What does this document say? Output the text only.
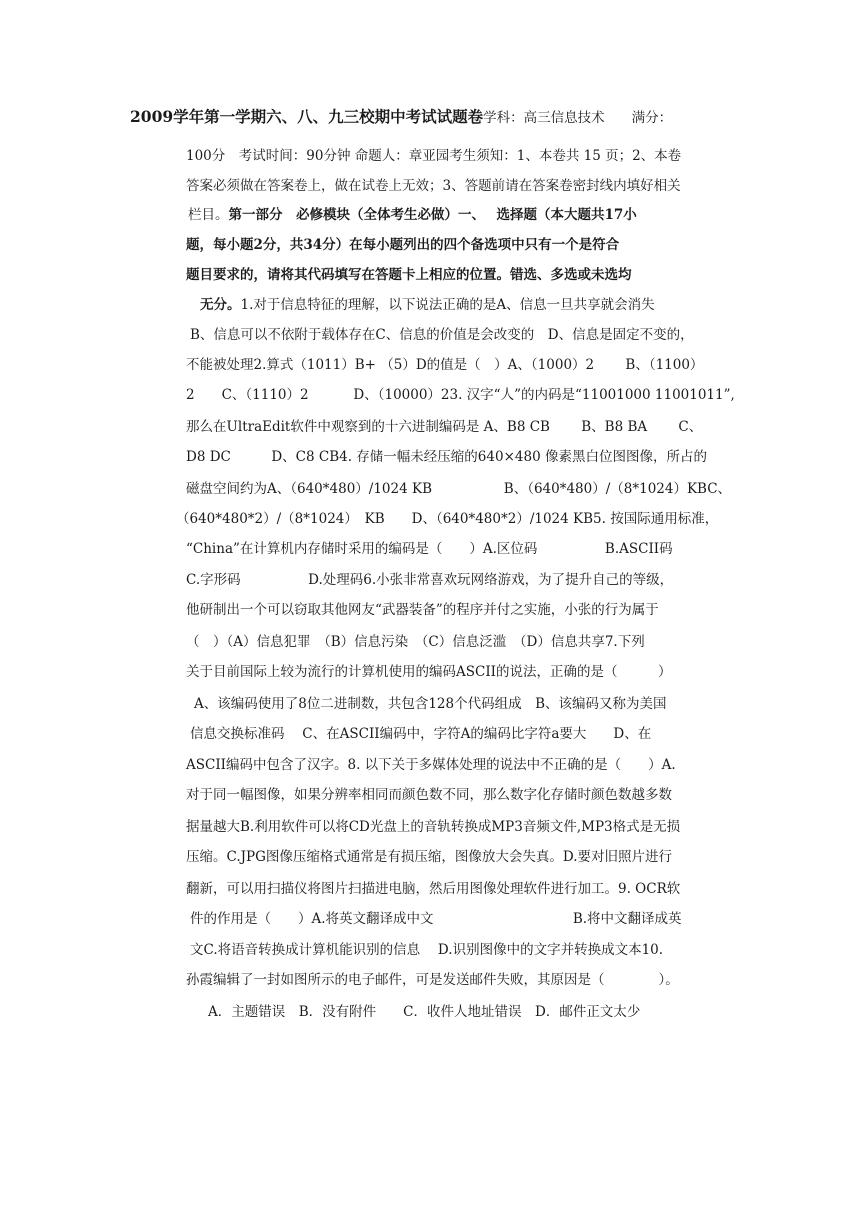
2009学年第一学期六、八、九三校期中考试试题卷学科：高三信息技术　　满分：
100分　考试时间：90分钟 命题人：章亚园考生须知：1、本卷共 15 页；2、本卷
答案必须做在答案卷上，做在试卷上无效；3、答题前请在答案卷密封线内填好相关
栏目。第一部分　必修模块（全体考生必做）一、　 选择题（本大题共17小
题，每小题2分，共34分）在每小题列出的四个备选项中只有一个是符合
题目要求的，请将其代码填写在答题卡上相应的位置。错选、多选或未选均
无分。1.对于信息特征的理解，以下说法正确的是A、信息一旦共享就会消失
B、信息可以不依附于载体存在C、信息的价值是会改变的　D、信息是固定不变的，
不能被处理2.算式（1011）B+ （5）D的值是（　）A、（1000）2　　 B、（1100）
2　　C、（1110）2　　　 D、（10000）23. 汉字“人”的内码是“11001000 11001011”,
那么在UltraEdit软件中观察到的十六进制编码是 A、B8 CB　　 B、B8 BA　　 C、
D8 DC　　　D、C8 CB4. 存储一幅未经压缩的640×480 像素黑白位图图像，所占的
磁盘空间约为A、（640*480）/1024 KB　　　　　 B、（640*480）/（8*1024）KBC、
（640*480*2）/（8*1024）　KB　　D、（640*480*2）/1024 KB5. 按国际通用标准，
“China”在计算机内存储时采用的编码是（　　）A.区位码　　　　　B.ASCII码
C.字形码　　　　　D.处理码6.小张非常喜欢玩网络游戏，为了提升自己的等级，
他研制出一个可以窃取其他网友“武器装备”的程序并付之实施，小张的行为属于
（　）（A）信息犯罪　（B）信息污染　（C）信息泛滥　（D）信息共享7.下列
关于目前国际上较为流行的计算机使用的编码ASCII的说法，正确的是（　　　）
A、该编码使用了8位二进制数，共包含128个代码组成　B、该编码又称为美国
信息交换标准码　 C、在ASCII编码中，字符A的编码比字符a要大　　D、在
ASCII编码中包含了汉字。8. 以下关于多媒体处理的说法中不正确的是（　　）A.
对于同一幅图像，如果分辨率相同而颜色数不同，那么数字化存储时颜色数越多数
据量越大B.利用软件可以将CD光盘上的音轨转换成MP3音频文件,MP3格式是无损
压缩。C.JPG图像压缩格式通常是有损压缩，图像放大会失真。D.要对旧照片进行
翻新，可以用扫描仪将图片扫描进电脑，然后用图像处理软件进行加工。9. OCR软
件的作用是（　　）A.将英文翻译成中文　　　　　　　　　　 B.将中文翻译成英
文C.将语音转换成计算机能识别的信息　 D.识别图像中的文字并转换成文本10.
孙霞编辑了一封如图所示的电子邮件，可是发送邮件失败，其原因是（　　　　）。
A．主题错误　B．没有附件　　C．收件人地址错误　D．邮件正文太少
